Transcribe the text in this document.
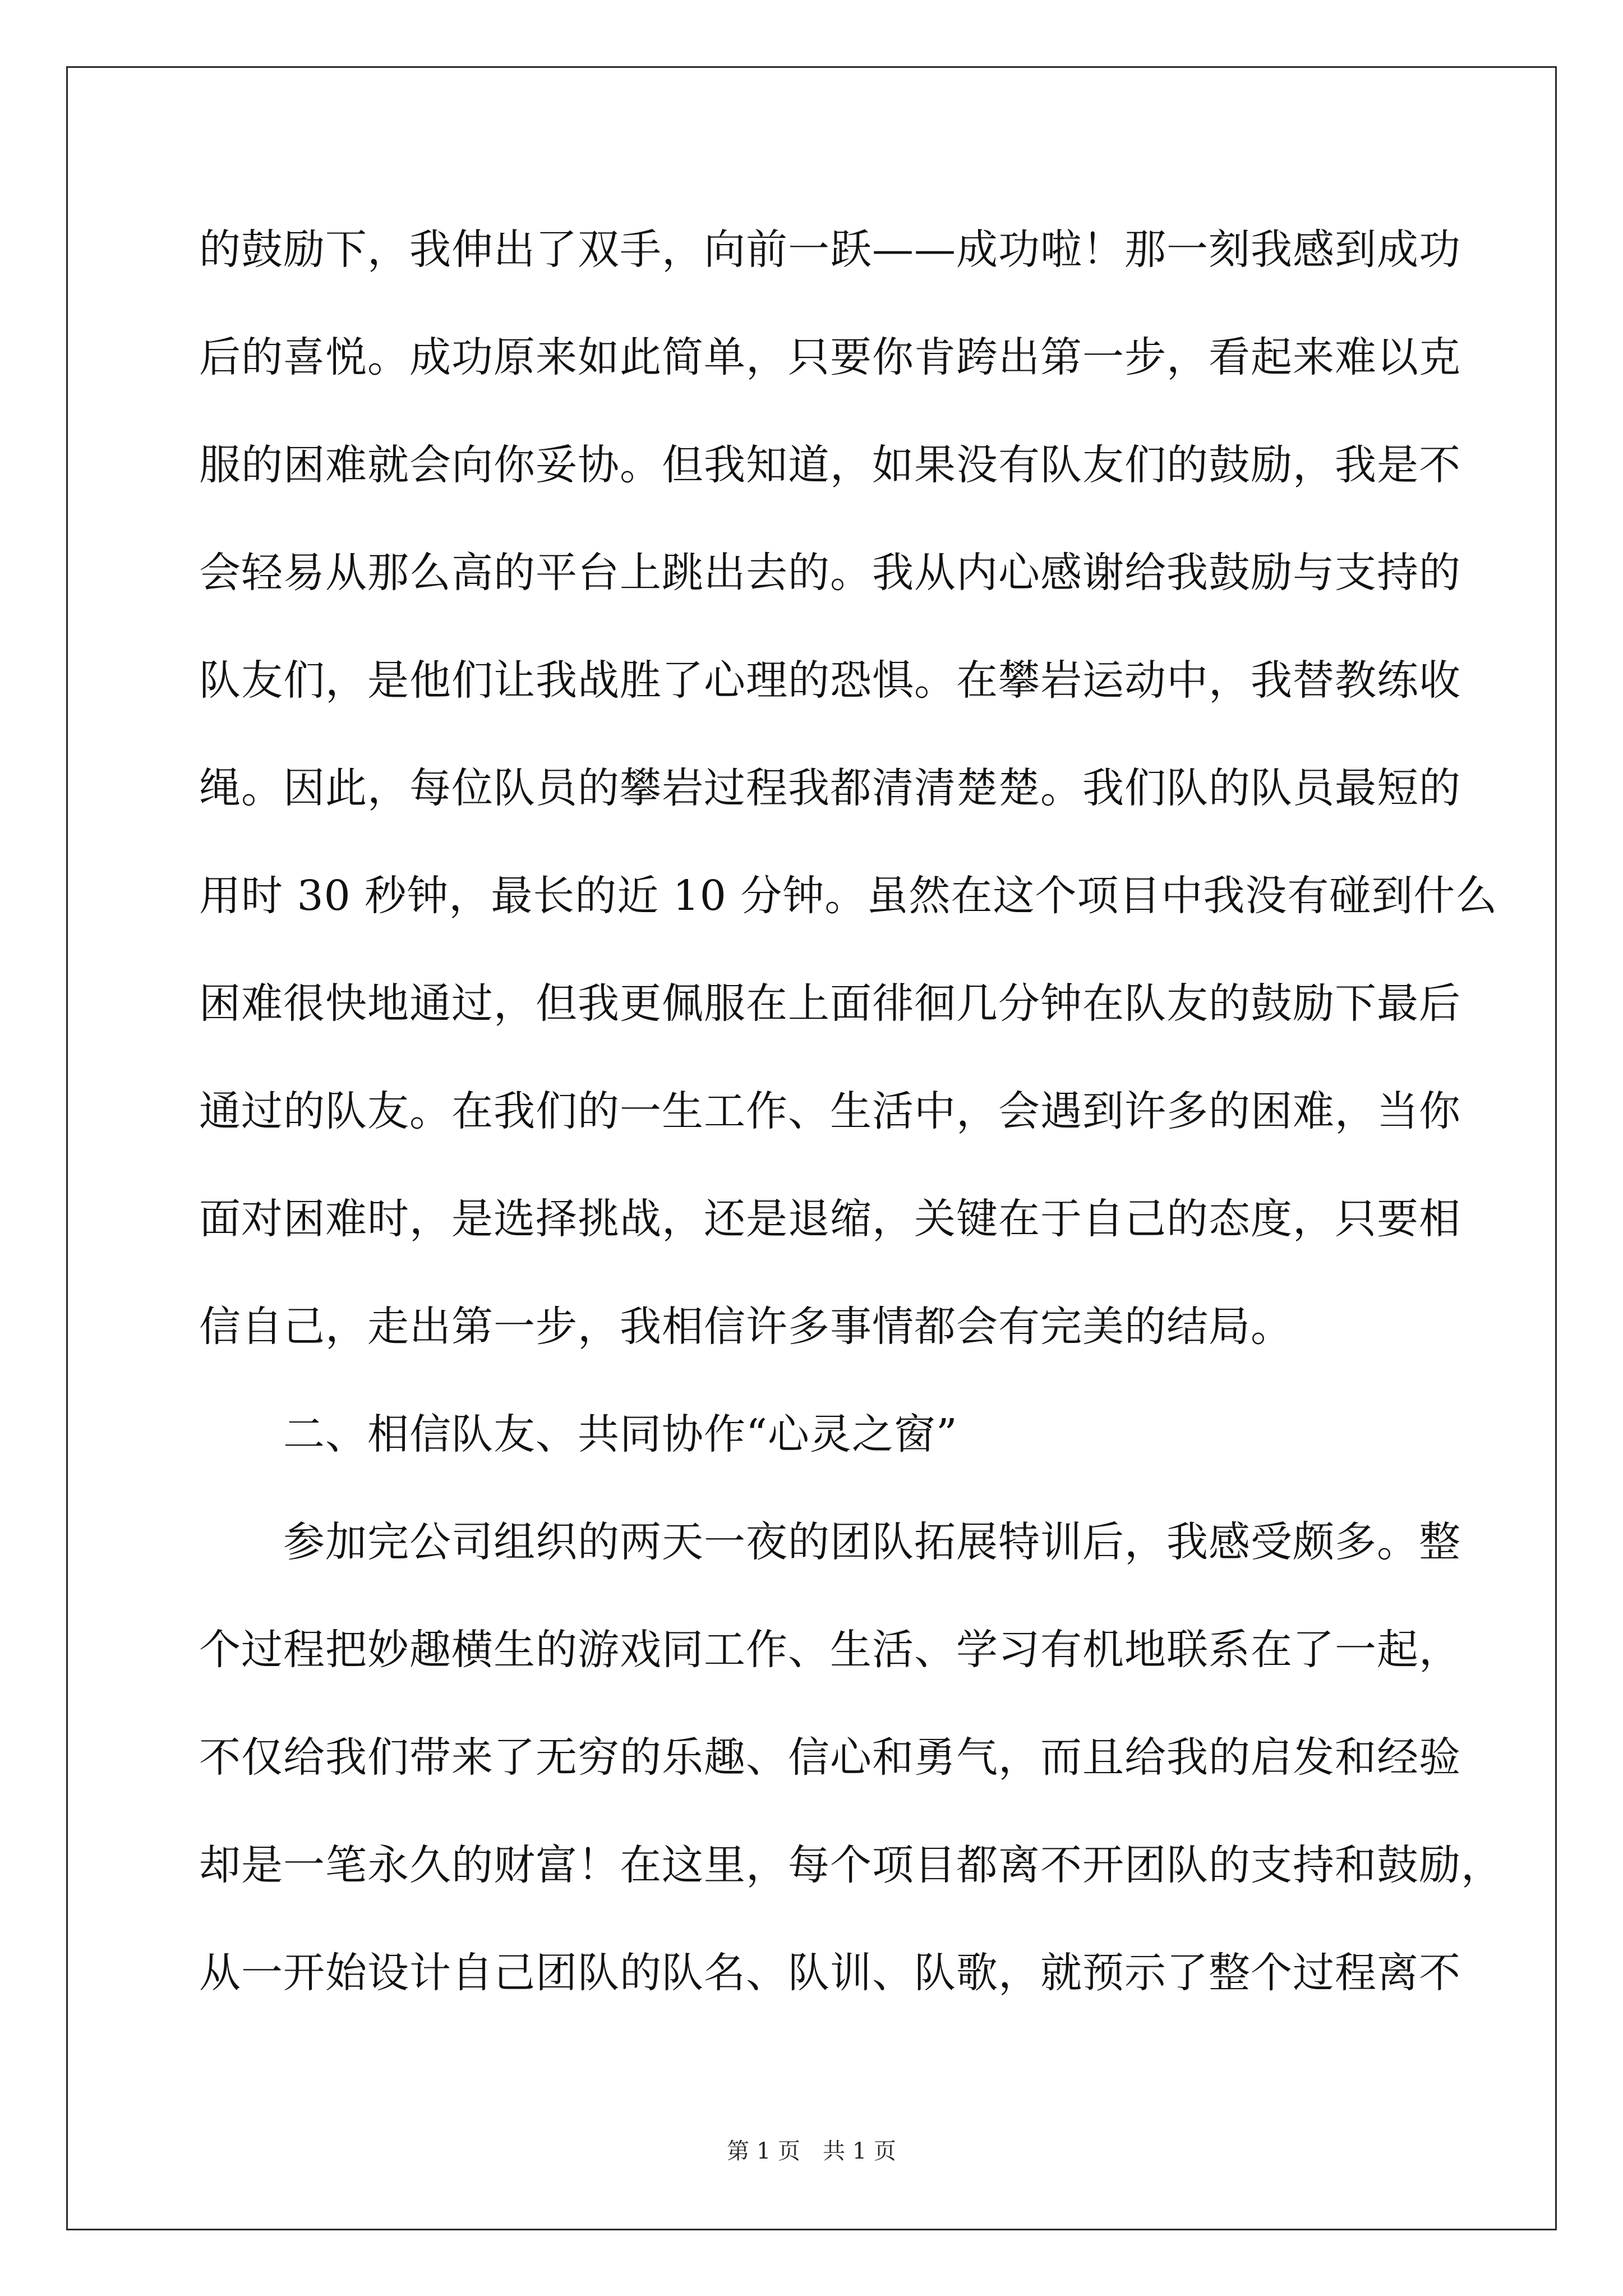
的鼓励下，我伸出了双手，向前一跃——成功啦！那一刻我感到成功
后的喜悦。成功原来如此简单，只要你肯跨出第一步，看起来难以克
服的困难就会向你妥协。但我知道，如果没有队友们的鼓励，我是不
会轻易从那么高的平台上跳出去的。我从内心感谢给我鼓励与支持的
队友们，是他们让我战胜了心理的恐惧。在攀岩运动中，我替教练收
绳。因此，每位队员的攀岩过程我都清清楚楚。我们队的队员最短的
用时 30 秒钟，最长的近 10 分钟。虽然在这个项目中我没有碰到什么
困难很快地通过，但我更佩服在上面徘徊几分钟在队友的鼓励下最后
通过的队友。在我们的一生工作、生活中，会遇到许多的困难，当你
面对困难时，是选择挑战，还是退缩，关键在于自己的态度，只要相
信自己，走出第一步，我相信许多事情都会有完美的结局。
二、相信队友、共同协作“心灵之窗”
参加完公司组织的两天一夜的团队拓展特训后，我感受颇多。整
个过程把妙趣横生的游戏同工作、生活、学习有机地联系在了一起，
不仅给我们带来了无穷的乐趣、信心和勇气，而且给我的启发和经验
却是一笔永久的财富！在这里，每个项目都离不开团队的支持和鼓励，
从一开始设计自己团队的队名、队训、队歌，就预示了整个过程离不
第 1 页 共 1 页
